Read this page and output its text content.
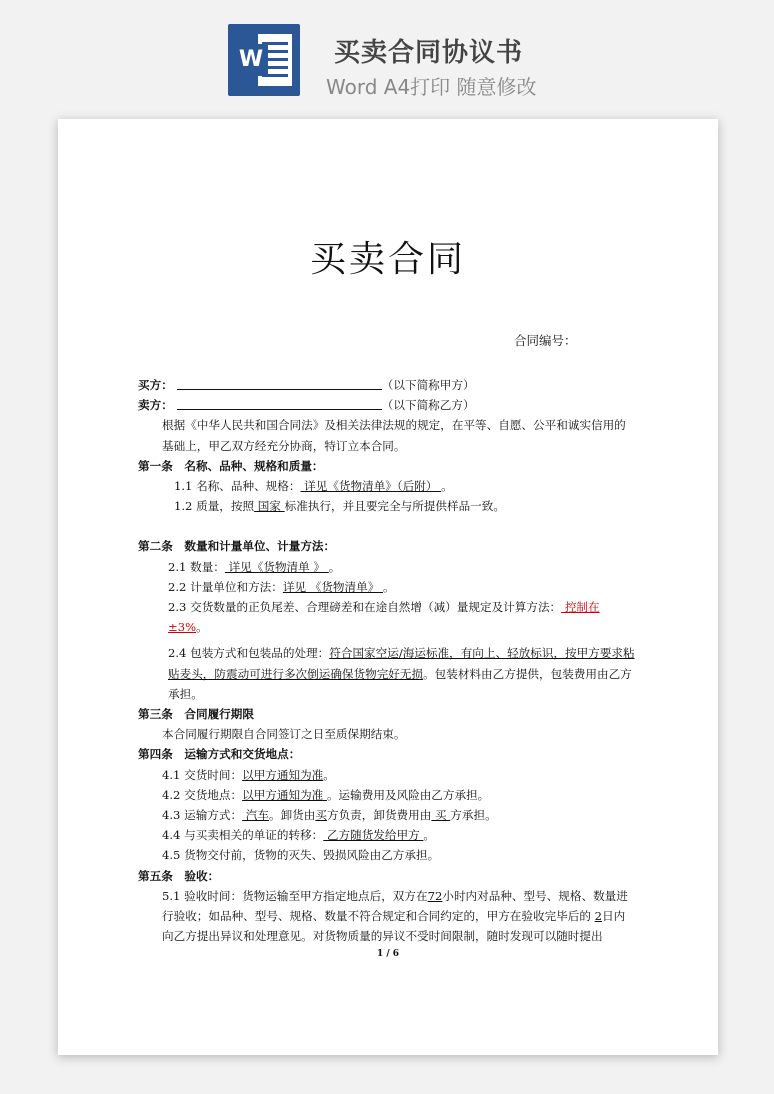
W	买卖合同协议书
Word A4打印 随意修改
买卖合同
合同编号：

买方：	（以下简称甲方）

卖方：	（以下简称乙方）

根据《中华人民共和国合同法》及相关法律法规的规定，在平等、自愿、公平和诚实信用的基础上，甲乙双方经充分协商，特订立本合同。

第一条　名称、品种、规格和质量：

1.1 名称、品种、规格： 详见《货物清单》（后附） 。

1.2 质量，按照 国家 标准执行，并且要完全与所提供样品一致。

第二条　数量和计量单位、计量方法：

2.1 数量： 详见《货物清单 》 。

2.2 计量单位和方法：详见 《货物清单》 。

2.3 交货数量的正负尾差、合理磅差和在途自然增（减）量规定及计算方法： 控制在±3%。

2.4 包装方式和包装品的处理：符合国家空运/海运标准，有向上、轻放标识，按甲方要求粘贴麦头，防震动可进行多次倒运确保货物完好无损。包装材料由乙方提供，包装费用由乙方承担。

第三条　合同履行期限

本合同履行期限自合同签订之日至质保期结束。

第四条　运输方式和交货地点：

4.1 交货时间：以甲方通知为准。

4.2 交货地点：以甲方通知为准 。运输费用及风险由乙方承担。

4.3 运输方式： 汽车。卸货由买方负责，卸货费用由 买 方承担。

4.4 与买卖相关的单证的转移： 乙方随货发给甲方 。

4.5 货物交付前，货物的灭失、毁损风险由乙方承担。

第五条　验收：

5.1 验收时间：货物运输至甲方指定地点后，双方在72小时内对品种、型号、规格、数量进行验收；如品种、型号、规格、数量不符合规定和合同约定的，甲方在验收完毕后的 2日内向乙方提出异议和处理意见。对货物质量的异议不受时间限制，随时发现可以随时提出

1 / 6
